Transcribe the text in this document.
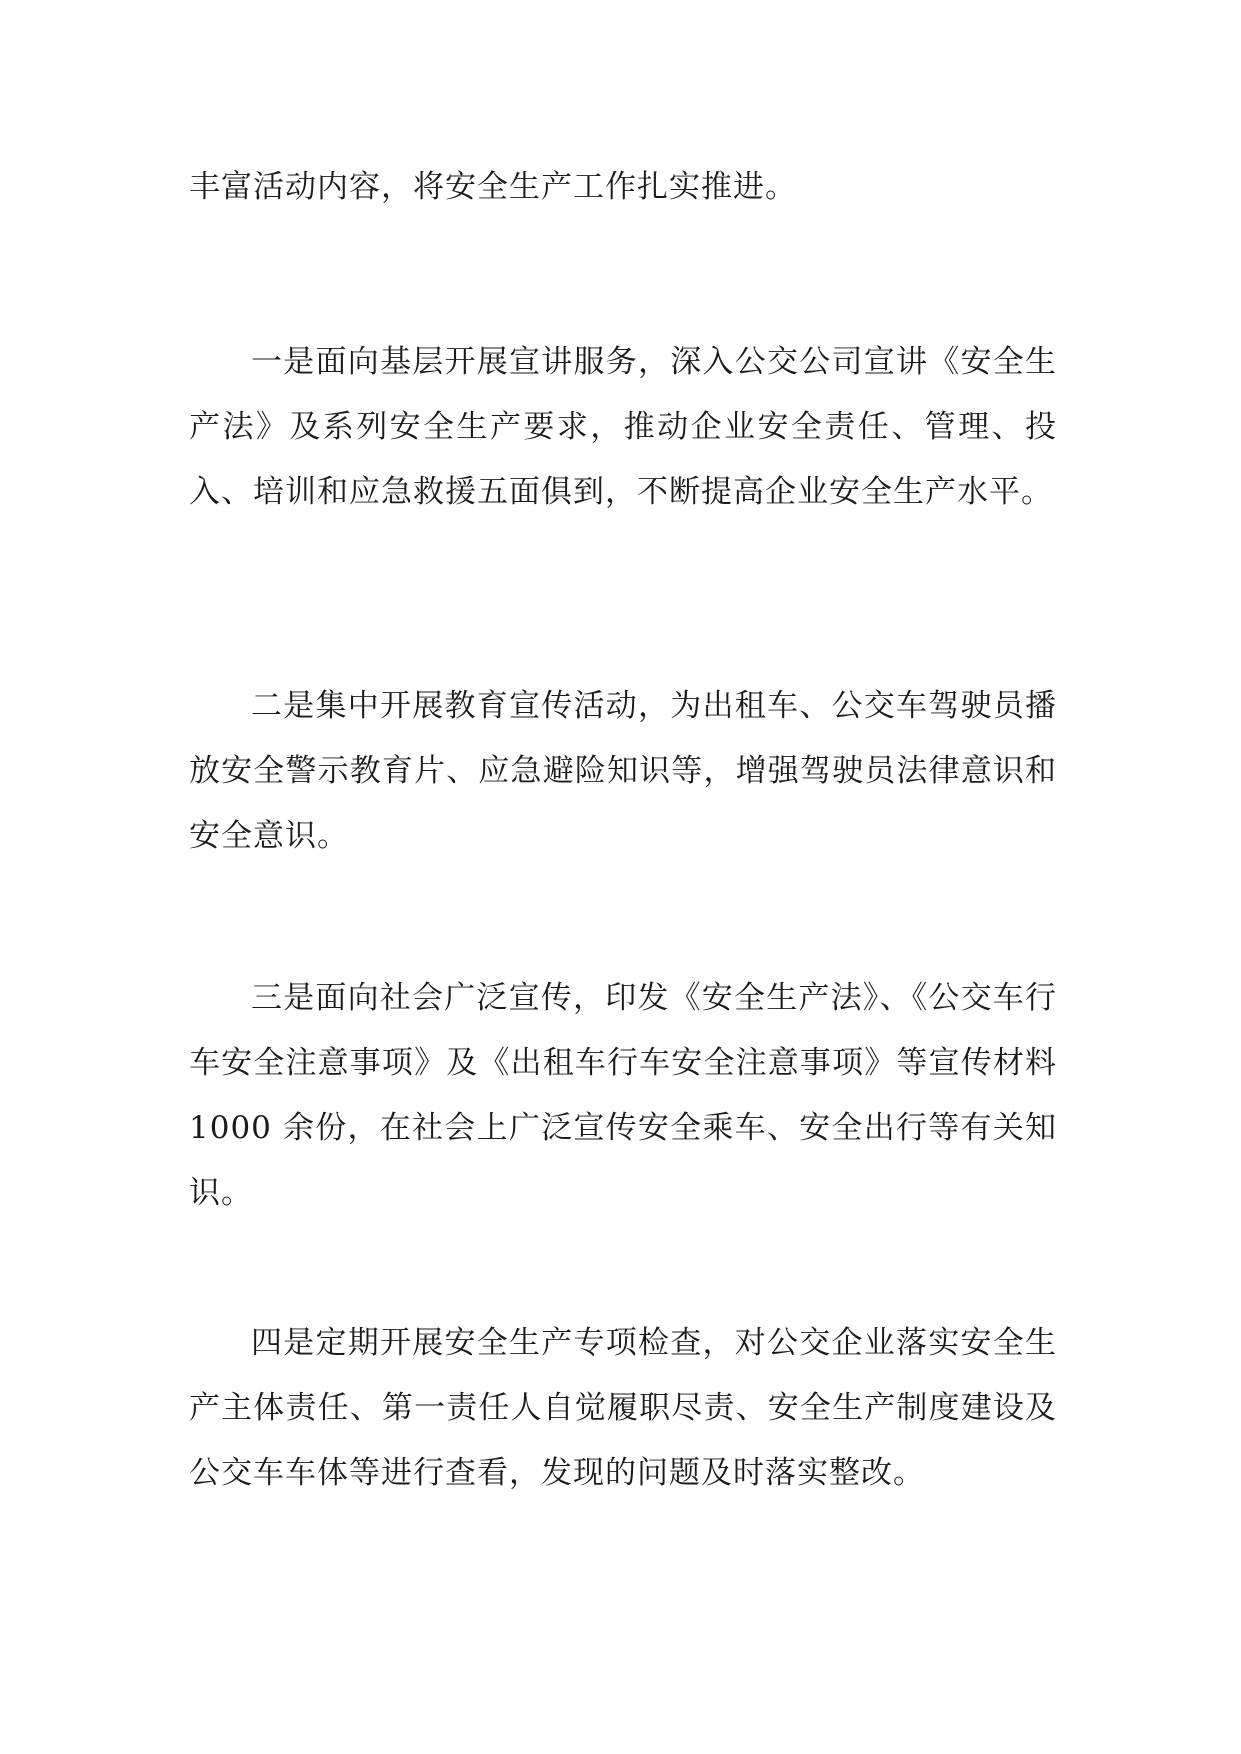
丰富活动内容，将安全生产工作扎实推进。

一是面向基层开展宣讲服务，深入公交公司宣讲《安全生产法》及系列安全生产要求，推动企业安全责任、管理、投入、培训和应急救援五面俱到，不断提高企业安全生产水平。

二是集中开展教育宣传活动，为出租车、公交车驾驶员播放安全警示教育片、应急避险知识等，增强驾驶员法律意识和安全意识。

三是面向社会广泛宣传，印发《安全生产法》、《公交车行车安全注意事项》及《出租车行车安全注意事项》等宣传材料 1000 余份，在社会上广泛宣传安全乘车、安全出行等有关知识。

四是定期开展安全生产专项检查，对公交企业落实安全生产主体责任、第一责任人自觉履职尽责、安全生产制度建设及公交车车体等进行查看，发现的问题及时落实整改。
